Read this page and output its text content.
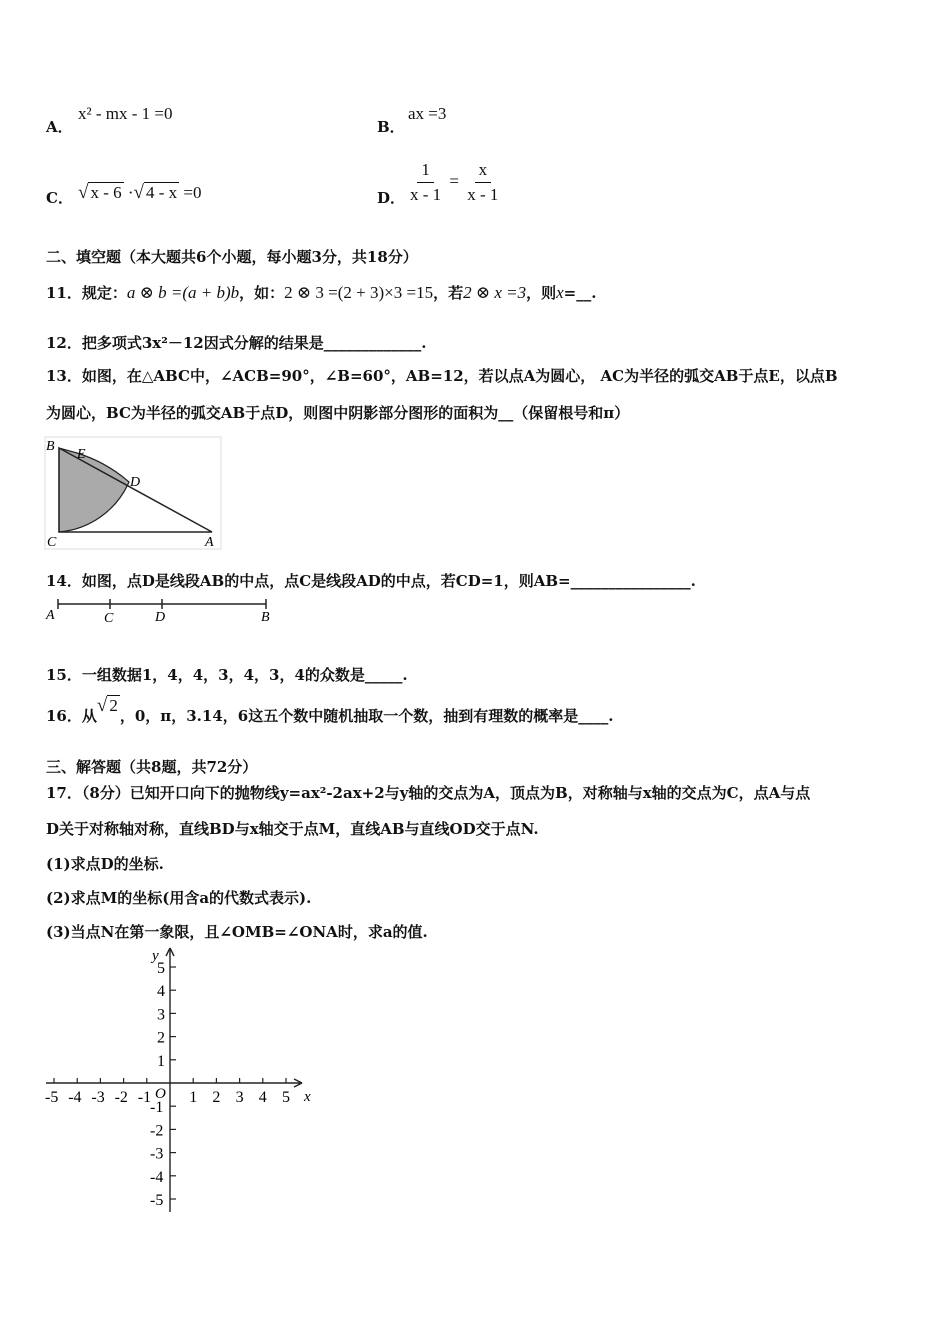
A．
x² - mx - 1 =0
B．
ax =3
C． √ x - 6 ·√ 4 - x =0	D． $\frac{1}{x - 1} = \frac{x}{x - 1}$
二、填空题（本大题共6个小题，每小题3分，共18分）
11．规定：a ⊗ b =(a + b)b，如：2 ⊗ 3 =(2 + 3)×3 =15，若2 ⊗ x =3，则x=__.
12．把多项式3x²－12因式分解的结果是_____________.
13．如图，在△ABC中，∠ACB=90°，∠B=60°，AB=12，若以点A为圆心， AC为半径的弧交AB于点E，以点B
为圆心，BC为半径的弧交AB于点D，则图中阴影部分图形的面积为__（保留根号和π）
B
E
D
C	A
14．如图，点D是线段AB的中点，点C是线段AD的中点，若CD=1，则AB=________________.
A	C	D	B
15．一组数据1，4，4，3，4，3，4的众数是_____.
16．从√ 2，0，π，3.14，6这五个数中随机抽取一个数，抽到有理数的概率是____.
三、解答题（共8题，共72分）
17．（8分）已知开口向下的抛物线y=ax²-2ax+2与y轴的交点为A，顶点为B，对称轴与x轴的交点为C，点A与点
D关于对称轴对称，直线BD与x轴交于点M，直线AB与直线OD交于点N.
(1)求点D的坐标.
(2)求点M的坐标(用含a的代数式表示).
(3)当点N在第一象限，且∠OMB=∠ONA时，求a的值.
x
y
O
-5 -4 -3 -2 -1 1 2 3 4 5
5
4
3
2
1
-1
-2
-3
-4
-5
